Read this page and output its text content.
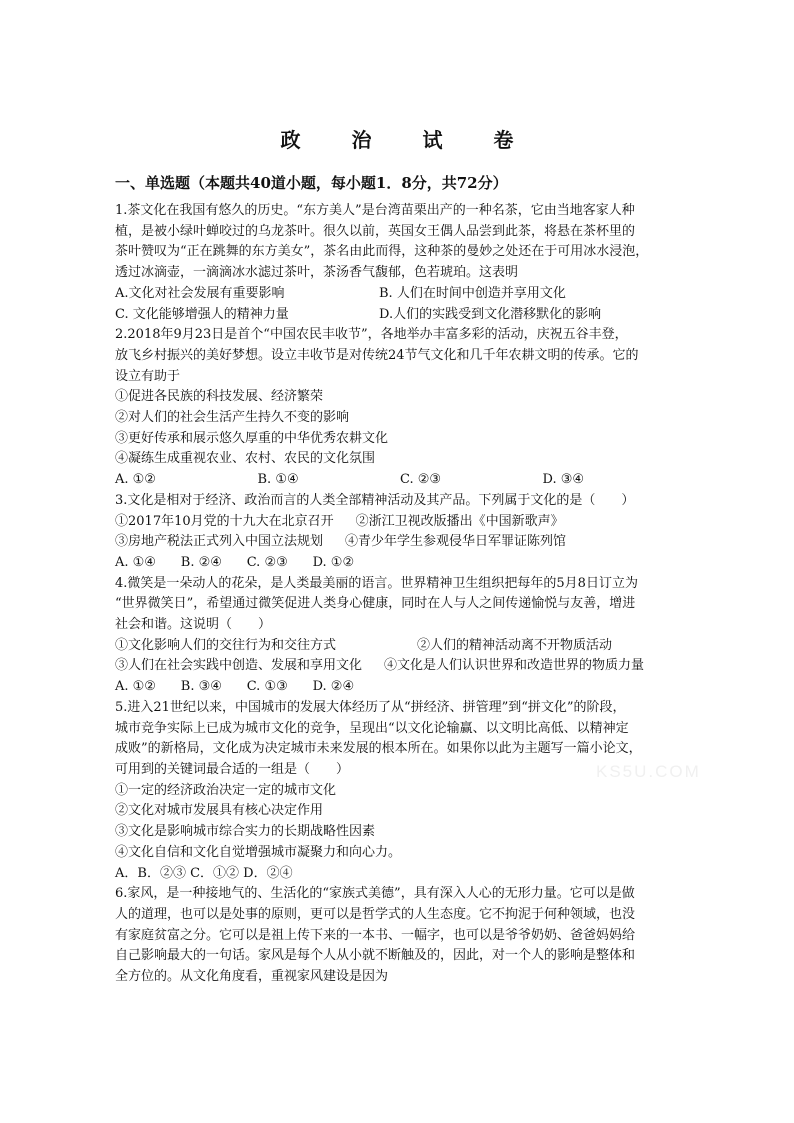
政 治 试 卷
一、单选题（本题共40道小题，每小题1．8分，共72分）
KS5U.COM

1.茶文化在我国有悠久的历史。“东方美人”是台湾苗栗出产的一种名茶，它由当地客家人种

植，是被小绿叶蝉咬过的乌龙茶叶。很久以前，英国女王偶人品尝到此茶，将悬在茶杯里的

茶叶赞叹为“正在跳舞的东方美女”，茶名由此而得，这种茶的曼妙之处还在于可用冰水浸泡，

透过冰滴壶，一滴滴冰水滤过茶叶，茶汤香气馥郁，色若琥珀。这表明

A.文化对社会发展有重要影响	B. 人们在时间中创造并享用文化
C. 文化能够增强人的精神力量	D.人们的实践受到文化潜移默化的影响

2.2018年9月23日是首个“中国农民丰收节”，各地举办丰富多彩的活动，庆祝五谷丰登，

放飞乡村振兴的美好梦想。设立丰收节是对传统24节气文化和几千年农耕文明的传承。它的

设立有助于

①促进各民族的科技发展、经济繁荣

②对人们的社会生活产生持久不变的影响

③更好传承和展示悠久厚重的中华优秀农耕文化

④凝练生成重视农业、农村、农民的文化氛围

A. ①②	B. ①④	C. ②③	D. ③④

3.文化是相对于经济、政治而言的人类全部精神活动及其产品。下列属于文化的是（　　）

①2017年10月党的十九大在北京召开 ②浙江卫视改版播出《中国新歌声》
③房地产税法正式列入中国立法规划 ④青少年学生参观侵华日军罪证陈列馆

A. ①④ B. ②④ C. ②③ D. ①②

4.微笑是一朵动人的花朵，是人类最美丽的语言。世界精神卫生组织把每年的5月8日订立为

“世界微笑日”，希望通过微笑促进人类身心健康，同时在人与人之间传递愉悦与友善，增进

社会和谐。这说明（　　）

①文化影响人们的交往行为和交往方式	②人们的精神活动离不开物质活动
③人们在社会实践中创造、发展和享用文化 ④文化是人们认识世界和改造世界的物质力量

A. ①② B. ③④ C. ①③ D. ②④

5.进入21世纪以来，中国城市的发展大体经历了从“拼经济、拼管理”到“拼文化”的阶段，

城市竞争实际上已成为城市文化的竞争，呈现出“以文化论输赢、以文明比高低、以精神定

成败”的新格局，文化成为决定城市未来发展的根本所在。如果你以此为主题写一篇小论文，

可用到的关键词最合适的一组是（　　）

①一定的经济政治决定一定的城市文化

②文化对城市发展具有核心决定作用

③文化是影响城市综合实力的长期战略性因素

④文化自信和文化自觉增强城市凝聚力和向心力。

A．B．②③ C．①② D．②④

6.家风，是一种接地气的、生活化的“家族式美德”，具有深入人心的无形力量。它可以是做

人的道理，也可以是处事的原则，更可以是哲学式的人生态度。它不拘泥于何种领域，也没

有家庭贫富之分。它可以是祖上传下来的一本书、一幅字，也可以是爷爷奶奶、爸爸妈妈给

自己影响最大的一句话。家风是每个人从小就不断触及的，因此，对一个人的影响是整体和

全方位的。从文化角度看，重视家风建设是因为
